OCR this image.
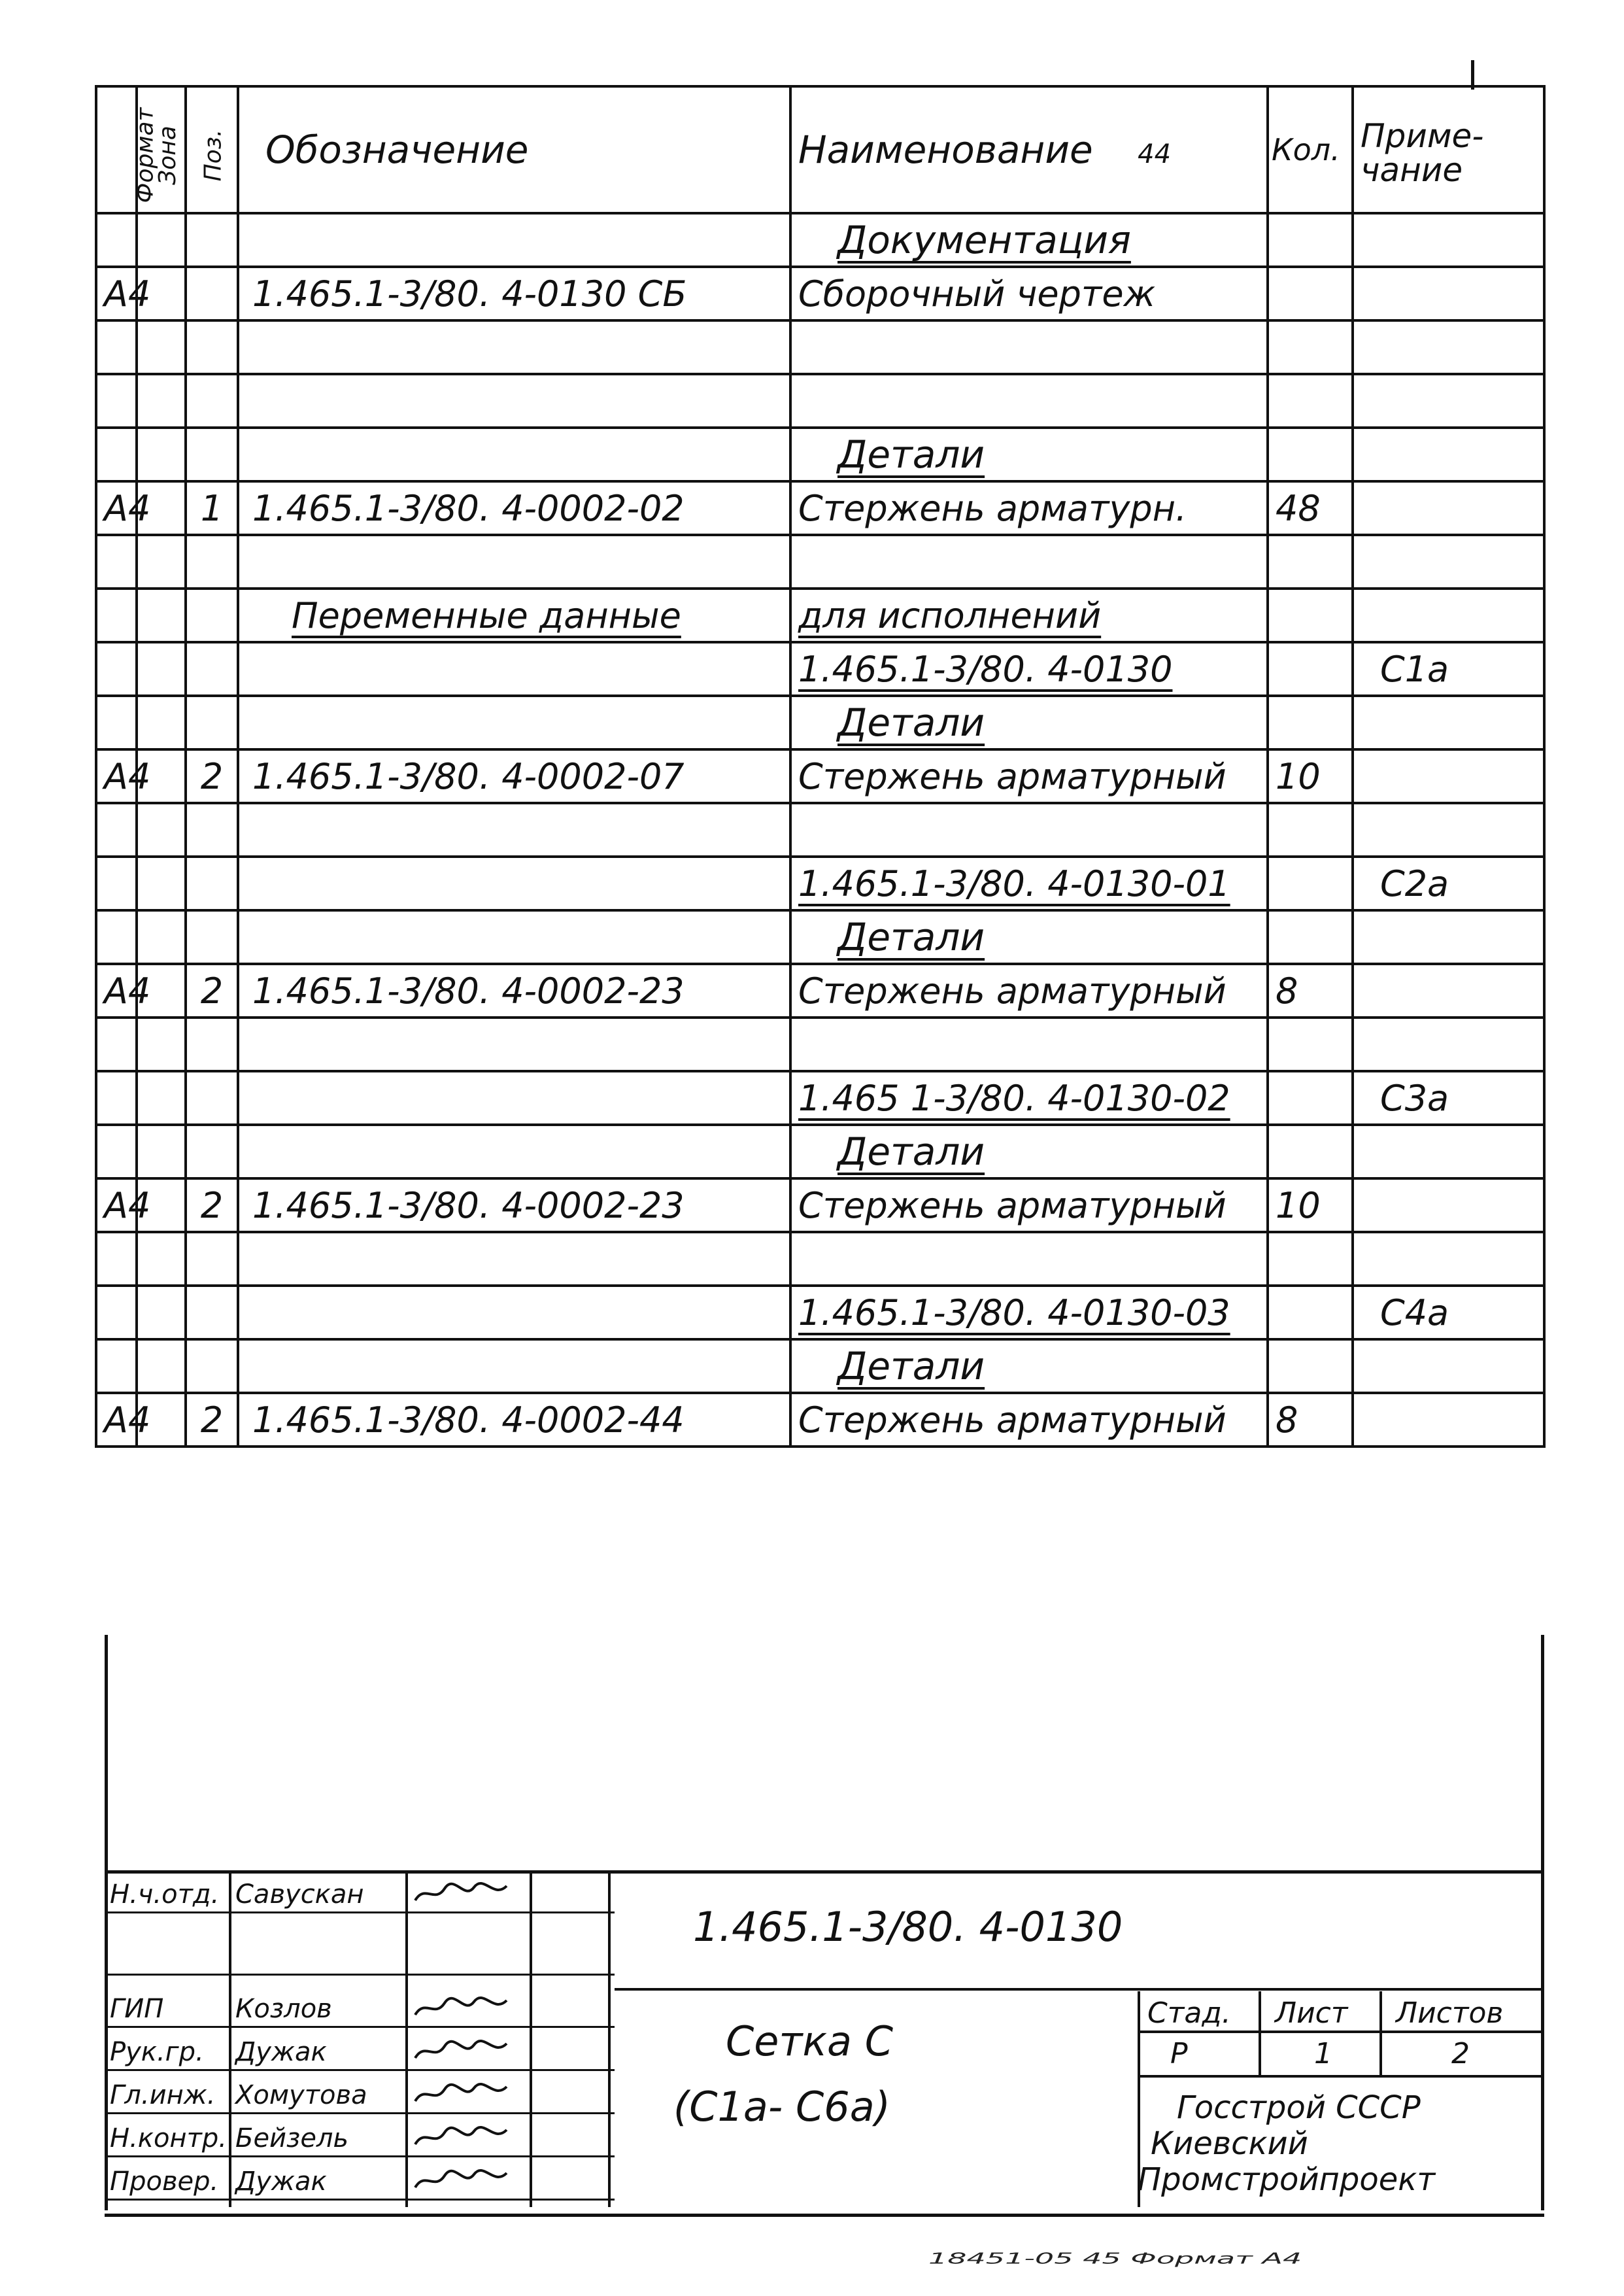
Формат	Зона	Поз.	Обозначение	Наименование 44	Кол.	Приме-
чание
				Документация		
А4			1.465.1-3/80. 4-0130 СБ	Сборочный чертеж		

				Детали		
А4		1	1.465.1-3/80. 4-0002-02	Стержень арматурн.	48	

			Переменные данные	для исполнений		
				1.465.1-3/80. 4-0130		С1а
				Детали		
А4		2	1.465.1-3/80. 4-0002-07	Стержень арматурный	10	

				1.465.1-3/80. 4-0130-01		С2а
				Детали		
А4		2	1.465.1-3/80. 4-0002-23	Стержень арматурный	8	

				1.465 1-3/80. 4-0130-02		С3а
				Детали		
А4		2	1.465.1-3/80. 4-0002-23	Стержень арматурный	10	

				1.465.1-3/80. 4-0130-03		С4а
				Детали		
А4		2	1.465.1-3/80. 4-0002-44	Стержень арматурный	8	
Н.ч.отд. Савускан
ГИП	Козлов
Рук.гр. Дужак
Гл.инж. Хомутова
Н.контр. Бейзель
Провер. Дужак
1.465.1-3/80. 4-0130
Сетка С
(С1а- С6а)
Стад. Лист Листов
Р	1	2
Госстрой СССР
Киевский
Промстройпроект
18451-05 45 Формат А4
